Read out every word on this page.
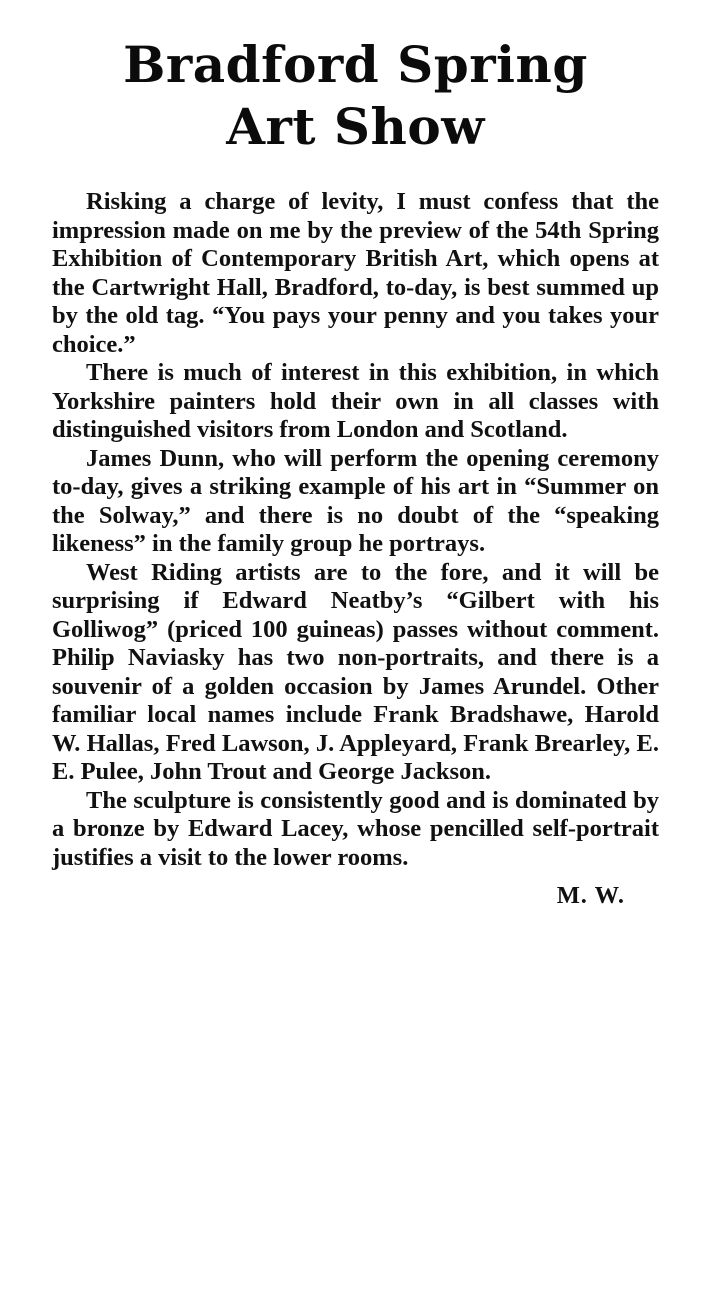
Bradford Spring
Art Show

Risking a charge of levity, I must confess that the impression made on me by the preview of the 54th Spring Exhibition of Contemporary British Art, which opens at the Cartwright Hall, Bradford, to-day, is best summed up by the old tag. “You pays your penny and you takes your choice.”

There is much of interest in this exhibition, in which Yorkshire painters hold their own in all classes with distinguished visitors from London and Scotland.

James Dunn, who will perform the opening ceremony to-day, gives a striking example of his art in “Summer on the Solway,” and there is no doubt of the “speaking likeness” in the family group he portrays.

West Riding artists are to the fore, and it will be surprising if Edward Neatby’s “Gilbert with his Golliwog” (priced 100 guineas) passes without comment. Philip Naviasky has two non-portraits, and there is a souvenir of a golden occasion by James Arundel. Other familiar local names include Frank Bradshawe, Harold W. Hallas, Fred Lawson, J. Appleyard, Frank Brearley, E. E. Pulee, John Trout and George Jackson.

The sculpture is consistently good and is dominated by a bronze by Edward Lacey, whose pencilled self-portrait justifies a visit to the lower rooms.

M. W.
